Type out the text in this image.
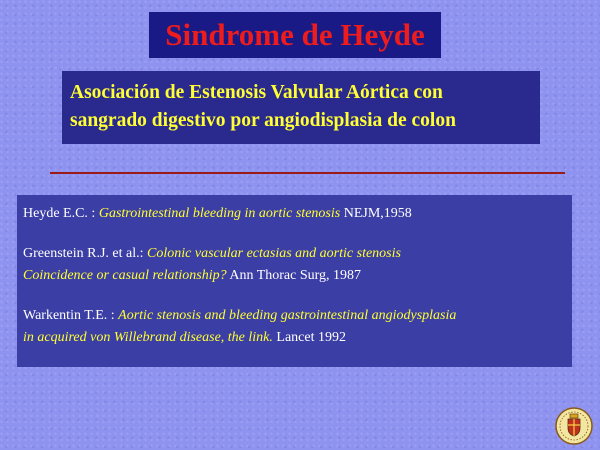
Sindrome de Heyde
Asociación de Estenosis Valvular Aórtica con
sangrado digestivo por angiodisplasia de colon
Heyde E.C. : Gastrointestinal bleeding in aortic stenosis NEJM,1958
Greenstein R.J. et al.: Colonic vascular ectasias and aortic stenosis
Coincidence or casual relationship? Ann Thorac Surg, 1987
Warkentin T.E. : Aortic stenosis and bleeding gastrointestinal angiodysplasia
in acquired von Willebrand disease, the link. Lancet 1992
